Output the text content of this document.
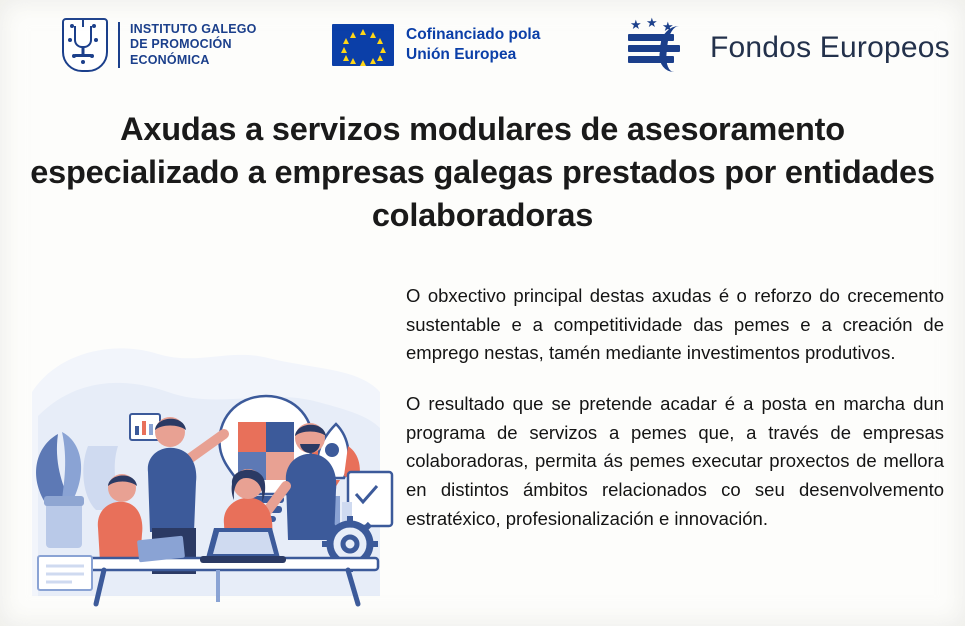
INSTITUTO GALEGO
DE PROMOCIÓN
ECONÓMICA
Cofinanciado pola
Unión Europea
★ ★ ★
Fondos Europeos
Axudas a servizos modulares de asesoramento especializado a empresas galegas prestados por entidades colaboradoras

O obxectivo principal destas axudas é o reforzo do crecemento sustentable e a competitividade das pemes e a creación de emprego nestas, tamén mediante investimentos produtivos.

O resultado que se pretende acadar é a posta en marcha dun programa de servizos a pemes que, a través de empresas colaboradoras, permita ás pemes executar proxectos de mellora en distintos ámbitos relacionados co seu desenvolvemento estratéxico, profesionalización e innovación.
